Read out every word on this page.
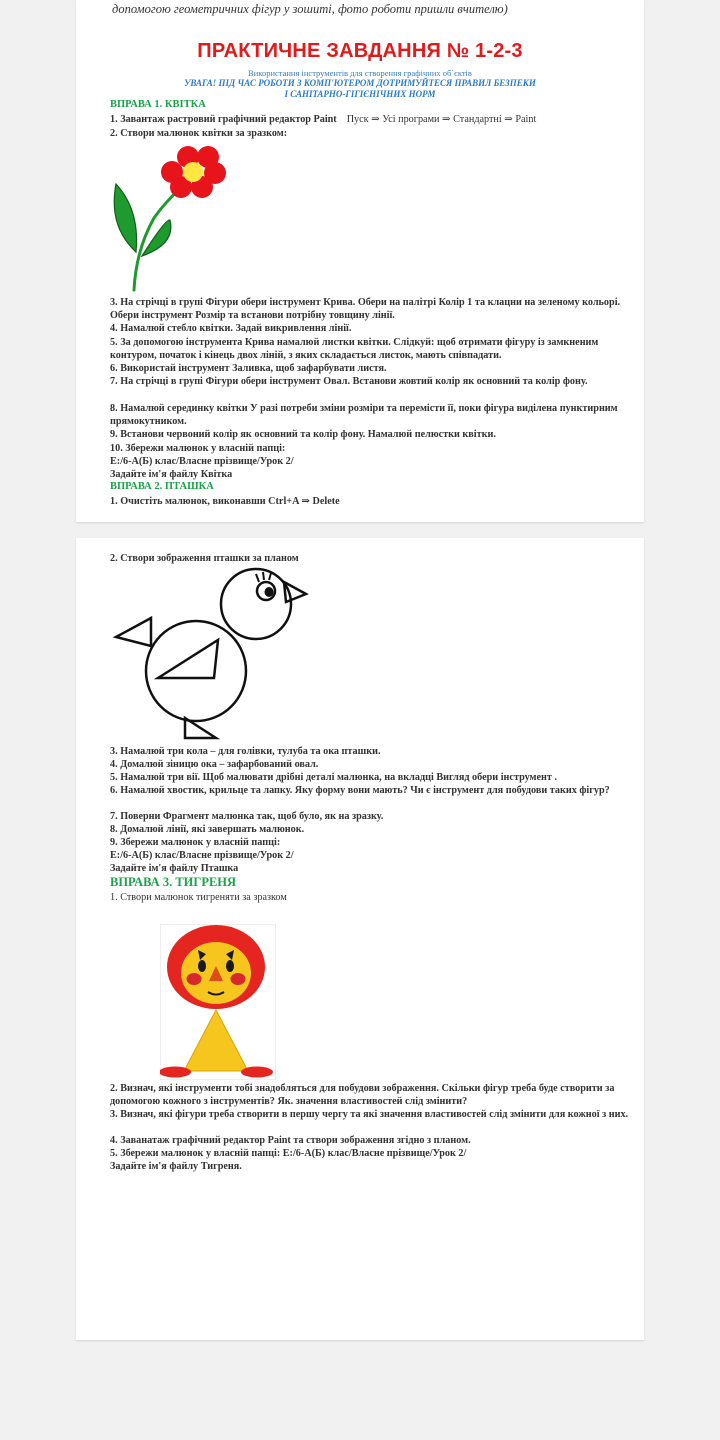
допомогою геометричних фігур у зошиті, фото роботи пришли вчителю)
ПРАКТИЧНЕ ЗАВДАННЯ № 1-2-3
Використання інструментів для створення графічних об`єктів
УВАГА! ПІД ЧАС РОБОТИ З КОМП'ЮТЕРОМ ДОТРИМУЙТЕСЯ ПРАВИЛ БЕЗПЕКИ
І САНІТАРНО-ГІГІЄНІЧНИХ НОРМ
ВПРАВА 1. КВІТКА
1. Завантаж растровий графічний редактор Paint Пуск ⇒ Усі програми ⇒ Стандартні ⇒ Paint
2. Створи малюнок квітки за зразком:
3. На стрічці в групі Фігури обери інструмент Крива. Обери на палітрі Колір 1 та клацни на зеленому кольорі. Обери інструмент Розмір та встанови потрібну товщину лінії.
4. Намалюй стебло квітки. Задай викривлення лінії.
5. За допомогою інструмента Крива намалюй листки квітки. Слідкуй: щоб отримати фігуру із замкненим контуром, початок і кінець двох ліній, з яких складається листок, мають співпадати.
6. Використай інструмент Заливка, щоб зафарбувати листя.
7. На стрічці в групі Фігури обери інструмент Овал. Встанови жовтий колір як основний та колір фону.
8. Намалюй серединку квітки У разі потреби зміни розміри та перемісти її, поки фігура виділена пунктирним прямокутником.
9. Встанови червоний колір як основний та колір фону. Намалюй пелюстки квітки.
10. Збережи малюнок у власній папці:
E:/6-А(Б) клас/Власне прізвище/Урок 2/
Задайте ім'я файлу Квітка
ВПРАВА 2. ПТАШКА
1. Очистіть малюнок, виконавши Ctrl+A ⇒ Delete
2. Створи зображення пташки за планом
3. Намалюй три кола – для голівки, тулуба та ока пташки.
4. Домалюй зіницю ока – зафарбований овал.
5. Намалюй три вії. Щоб малювати дрібні деталі малюнка, на вкладці Вигляд обери інструмент .
6. Намалюй хвостик, крильце та лапку. Яку форму вони мають? Чи є інструмент для побудови таких фігур?
7. Поверни Фрагмент малюнка так, щоб було, як на зразку.
8. Домалюй лінії, які завершать малюнок.
9. Збережи малюнок у власній папці:
E:/6-А(Б) клас/Власне прізвище/Урок 2/
Задайте ім'я файлу Пташка
ВПРАВА 3. ТИГРЕНЯ
1. Створи малюнок тигреняти за зразком
2. Визнач, які інструменти тобі знадобляться для побудови зображення. Скільки фігур треба буде створити за допомогою кожного з інструментів? Як. значення властивостей слід змінити?
3. Визнач, які фігури треба створити в першу чергу та які значення властивостей слід змінити для кожної з них.
4. Заванатаж графічний редактор Paint та створи зображення згідно з планом.
5. Збережи малюнок у власній папці: E:/6-А(Б) клас/Власне прізвище/Урок 2/
Задайте ім'я файлу Тигреня.
